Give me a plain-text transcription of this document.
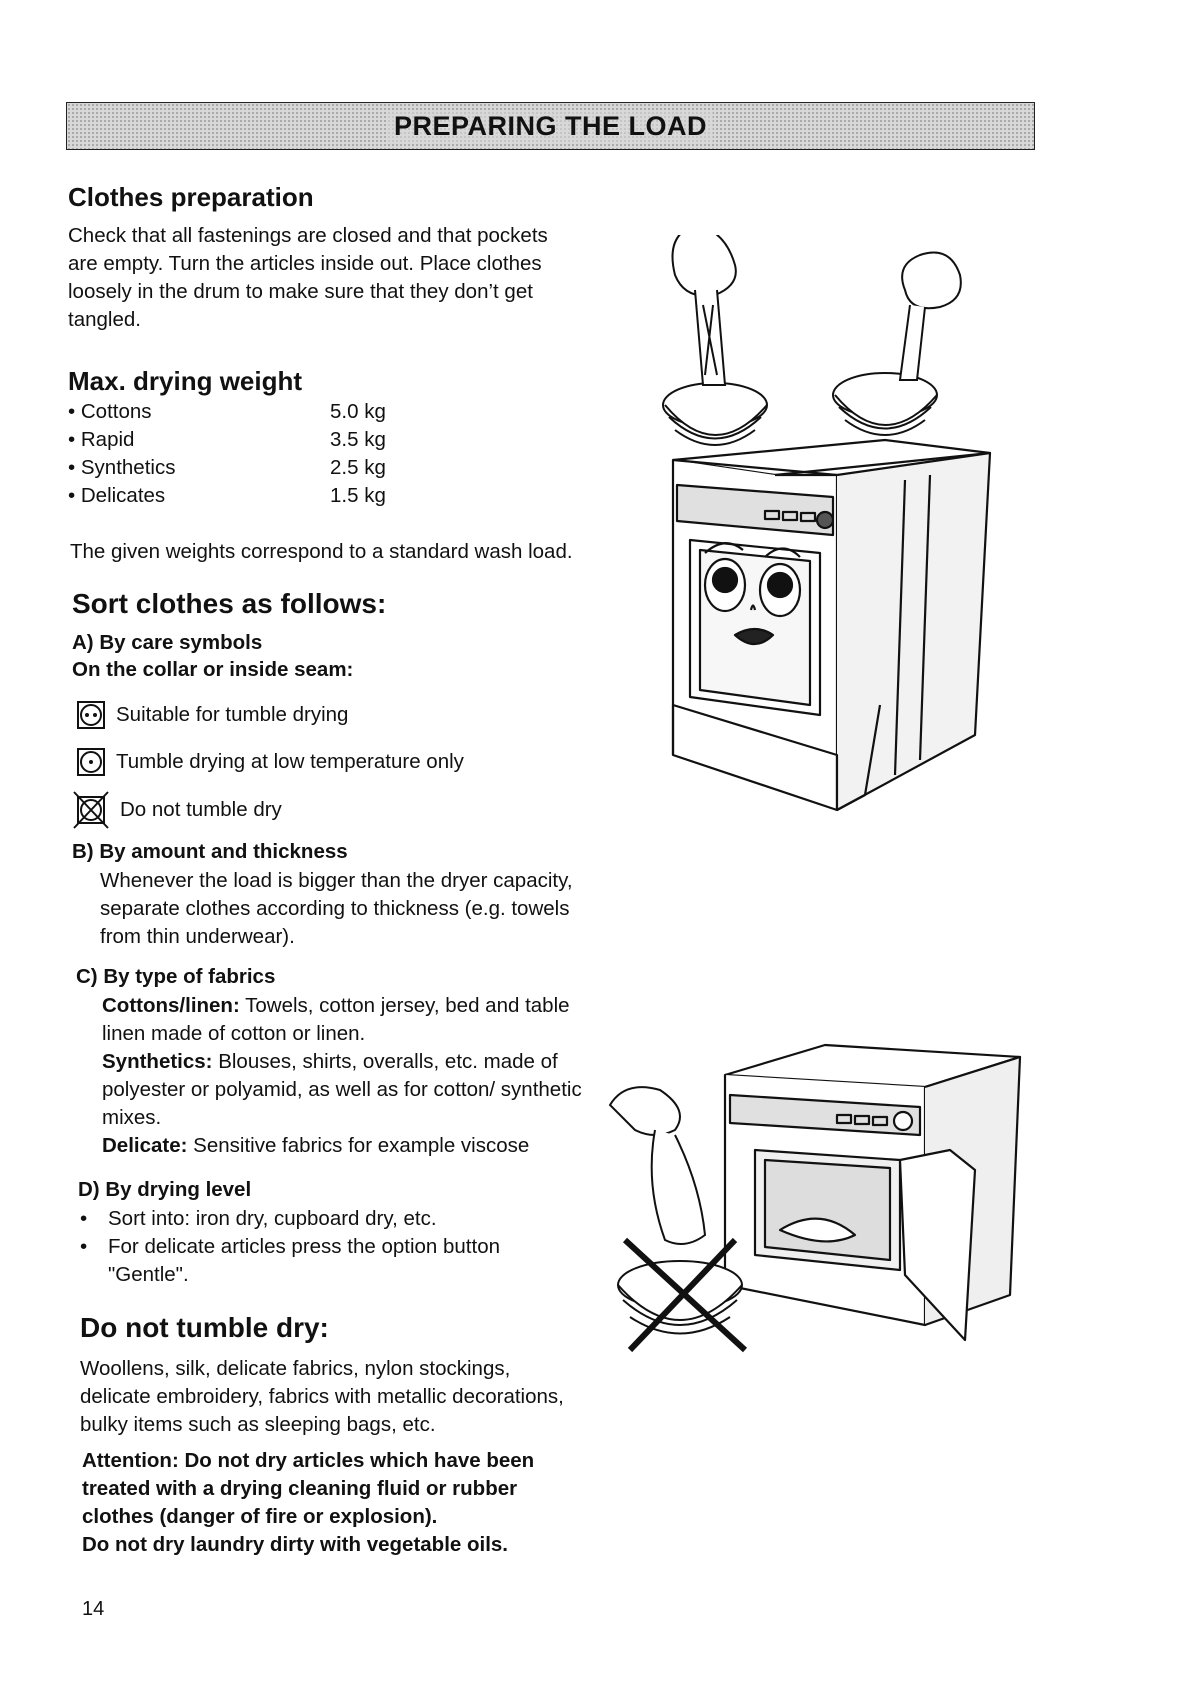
PREPARING THE LOAD
Clothes preparation

Check that all fastenings are closed and that pockets

are empty. Turn the articles inside out. Place clothes

loosely in the drum to make sure that they don’t get

tangled.

Max. drying weight
• Cottons	5.0 kg
• Rapid	3.5 kg
• Synthetics	2.5 kg
• Delicates	1.5 kg

The given weights correspond to a standard wash load.

Sort clothes as follows:
A) By care symbols
On the collar or inside seam:
Suitable for tumble drying
Tumble drying at low temperature only
Do not tumble dry
B) By amount and thickness

Whenever the load is bigger than the dryer capacity,

separate clothes according to thickness (e.g. towels

from thin underwear).

C) By type of fabrics

Cottons/linen: Towels, cotton jersey, bed and table

linen made of cotton or linen.

Synthetics: Blouses, shirts, overalls, etc. made of

polyester or polyamid, as well as for cotton/ synthetic

mixes.

Delicate: Sensitive fabrics for example viscose

D) By drying level

• Sort into: iron dry, cupboard dry, etc.

• For delicate articles press the option button

"Gentle".

Do not tumble dry:

Woollens, silk, delicate fabrics, nylon stockings,

delicate embroidery, fabrics with metallic decorations,

bulky items such as sleeping bags, etc.

Attention: Do not dry articles which have been

treated with a drying cleaning fluid or rubber

clothes (danger of fire or explosion).

Do not dry laundry dirty with vegetable oils.

14
